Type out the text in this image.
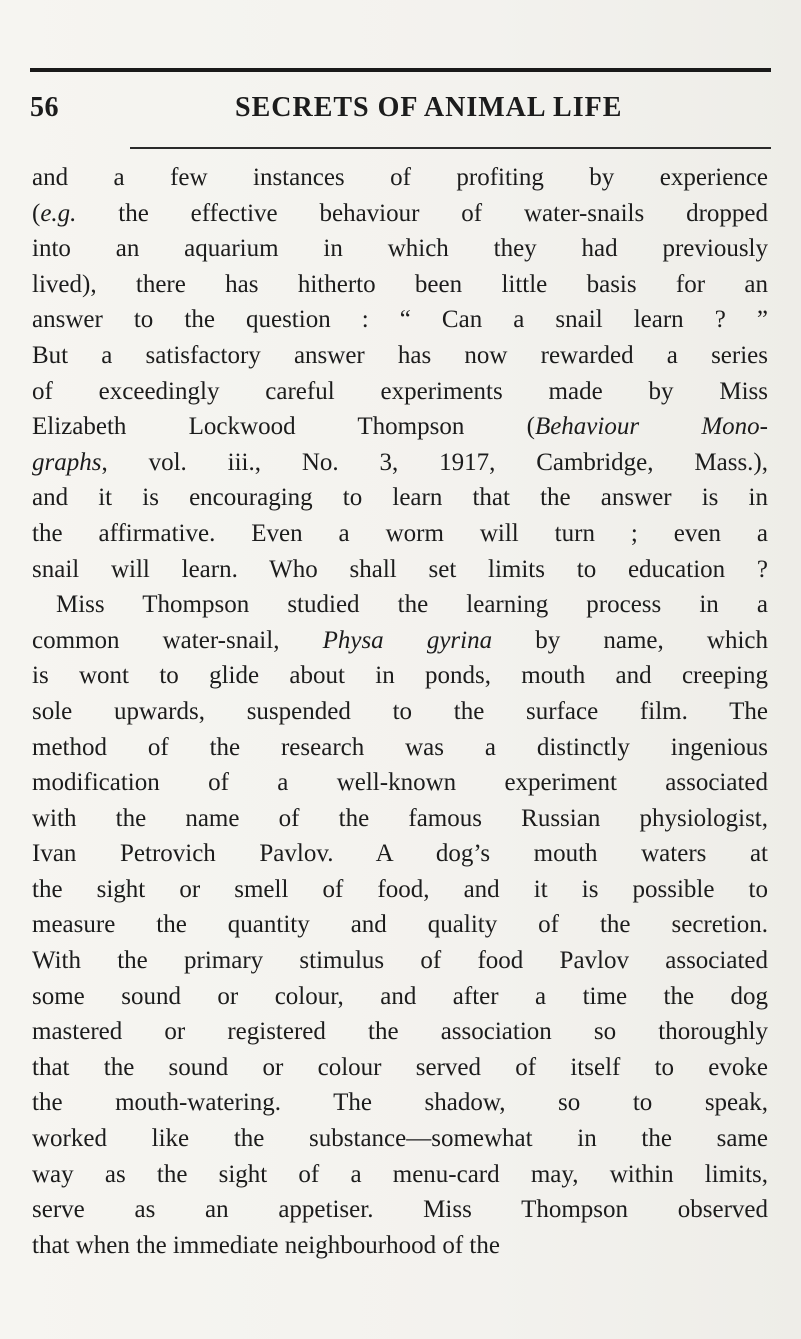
56	SECRETS OF ANIMAL LIFE
and a few instances of profiting by experience
(e.g. the effective behaviour of water-snails dropped
into an aquarium in which they had previously
lived), there has hitherto been little basis for an
answer to the question : “ Can a snail learn ? ”
But a satisfactory answer has now rewarded a series
of exceedingly careful experiments made by Miss
Elizabeth Lockwood Thompson (Behaviour Mono-
graphs, vol. iii., No. 3, 1917, Cambridge, Mass.),
and it is encouraging to learn that the answer is in
the affirmative. Even a worm will turn ; even a
snail will learn. Who shall set limits to education ?
Miss Thompson studied the learning process in a
common water-snail, Physa gyrina by name, which
is wont to glide about in ponds, mouth and creeping
sole upwards, suspended to the surface film. The
method of the research was a distinctly ingenious
modification of a well-known experiment associated
with the name of the famous Russian physiologist,
Ivan Petrovich Pavlov. A dog’s mouth waters at
the sight or smell of food, and it is possible to
measure the quantity and quality of the secretion.
With the primary stimulus of food Pavlov associated
some sound or colour, and after a time the dog
mastered or registered the association so thoroughly
that the sound or colour served of itself to evoke
the mouth-watering. The shadow, so to speak,
worked like the substance—somewhat in the same
way as the sight of a menu-card may, within limits,
serve as an appetiser. Miss Thompson observed
that when the immediate neighbourhood of the
